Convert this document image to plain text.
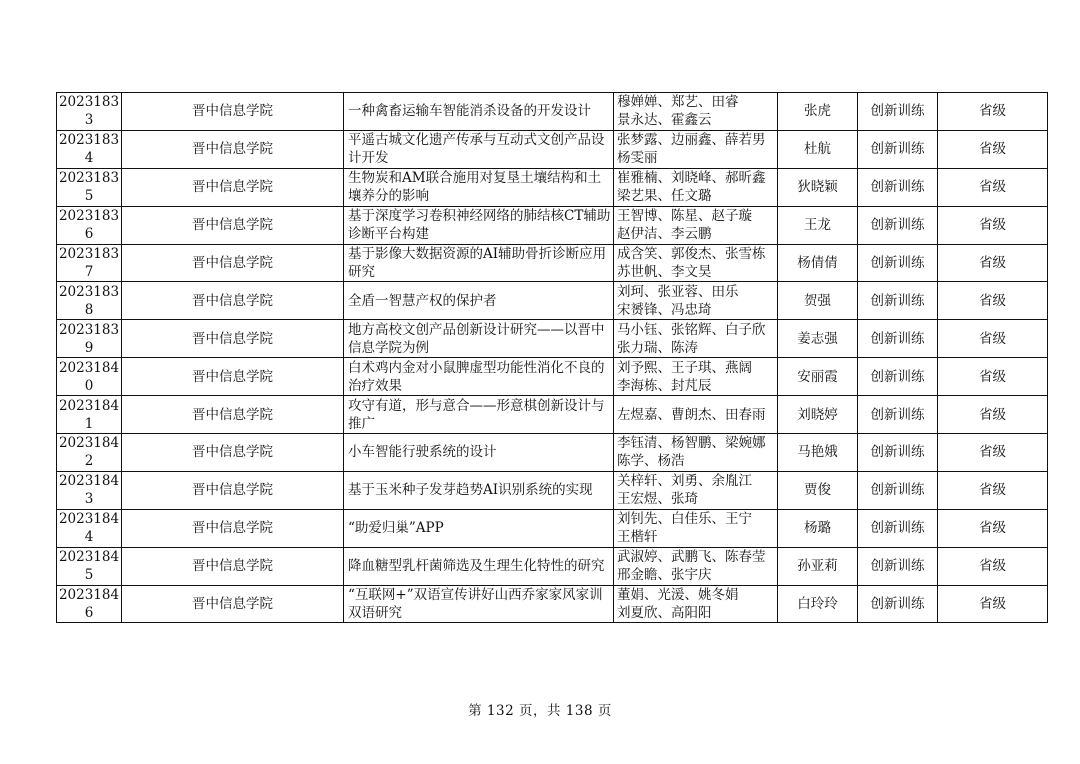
20231833	晋中信息学院	一种禽畜运输车智能消杀设备的开发设计	穆婵婵、郑艺、田睿
景永达、霍鑫云	张虎	创新训练	省级

20231834	晋中信息学院	平遥古城文化遗产传承与互动式文创产品设计开发	张梦露、边丽鑫、薛若男
杨雯丽	杜航	创新训练	省级

20231835	晋中信息学院	生物炭和AM联合施用对复垦土壤结构和土壤养分的影响	崔雅楠、刘晓峰、郝昕鑫
梁艺果、任文璐	狄晓颖	创新训练	省级

20231836	晋中信息学院	基于深度学习卷积神经网络的肺结核CT辅助诊断平台构建	王智博、陈星、赵子璇
赵伊洁、李云鹏	王龙	创新训练	省级

20231837	晋中信息学院	基于影像大数据资源的AI辅助骨折诊断应用研究	成含笑、郭俊杰、张雪栋
苏世帆、李文昊	杨倩倩	创新训练	省级

20231838	晋中信息学院	全盾一智慧产权的保护者	刘珂、张亚蓉、田乐
宋赟锋、冯忠琦	贺强	创新训练	省级

20231839	晋中信息学院	地方高校文创产品创新设计研究——以晋中信息学院为例	马小钰、张铭辉、白子欣
张力瑞、陈涛	姜志强	创新训练	省级

20231840	晋中信息学院	白术鸡内金对小鼠脾虚型功能性消化不良的治疗效果	刘予熙、王子琪、燕阔
李海栋、封芃辰	安丽霞	创新训练	省级

20231841	晋中信息学院	攻守有道，形与意合——形意棋创新设计与推广	左煜嘉、曹朗杰、田春雨	刘晓婷	创新训练	省级

20231842	晋中信息学院	小车智能行驶系统的设计	李钰清、杨智鹏、梁婉娜
陈学、杨浩	马艳娥	创新训练	省级

20231843	晋中信息学院	基于玉米种子发芽趋势AI识别系统的实现	关梓轩、刘勇、余胤江
王宏煜、张琦	贾俊	创新训练	省级

20231844	晋中信息学院	“助爱归巢”APP	刘钊先、白佳乐、王宁
王楷轩	杨璐	创新训练	省级

20231845	晋中信息学院	降血糖型乳杆菌筛选及生理生化特性的研究	武淑婷、武鹏飞、陈春莹
邢金瞻、张宇庆	孙亚莉	创新训练	省级

20231846	晋中信息学院	“互联网+”双语宣传讲好山西乔家家风家训双语研究	董娟、光湲、姚冬娟
刘夏欣、高阳阳	白玲玲	创新训练	省级
第 132 页，共 138 页
